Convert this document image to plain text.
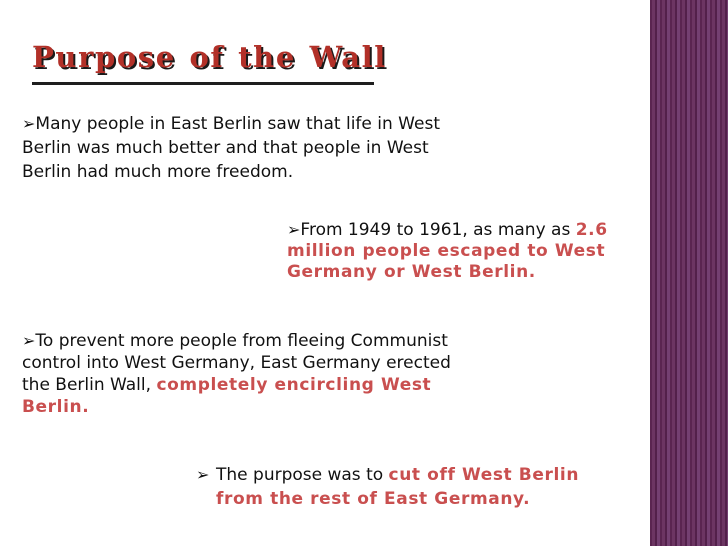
Purpose of the Wall

➢Many people in East Berlin saw that life in West Berlin was much better and that people in West Berlin had much more freedom.

➢From 1949 to 1961, as many as 2.6 million people escaped to West Germany or West Berlin.

➢To prevent more people from fleeing Communist control into West Germany, East Germany erected the Berlin Wall, completely encircling West Berlin.

➢ The purpose was to cut off West Berlin
from the rest of East Germany.
